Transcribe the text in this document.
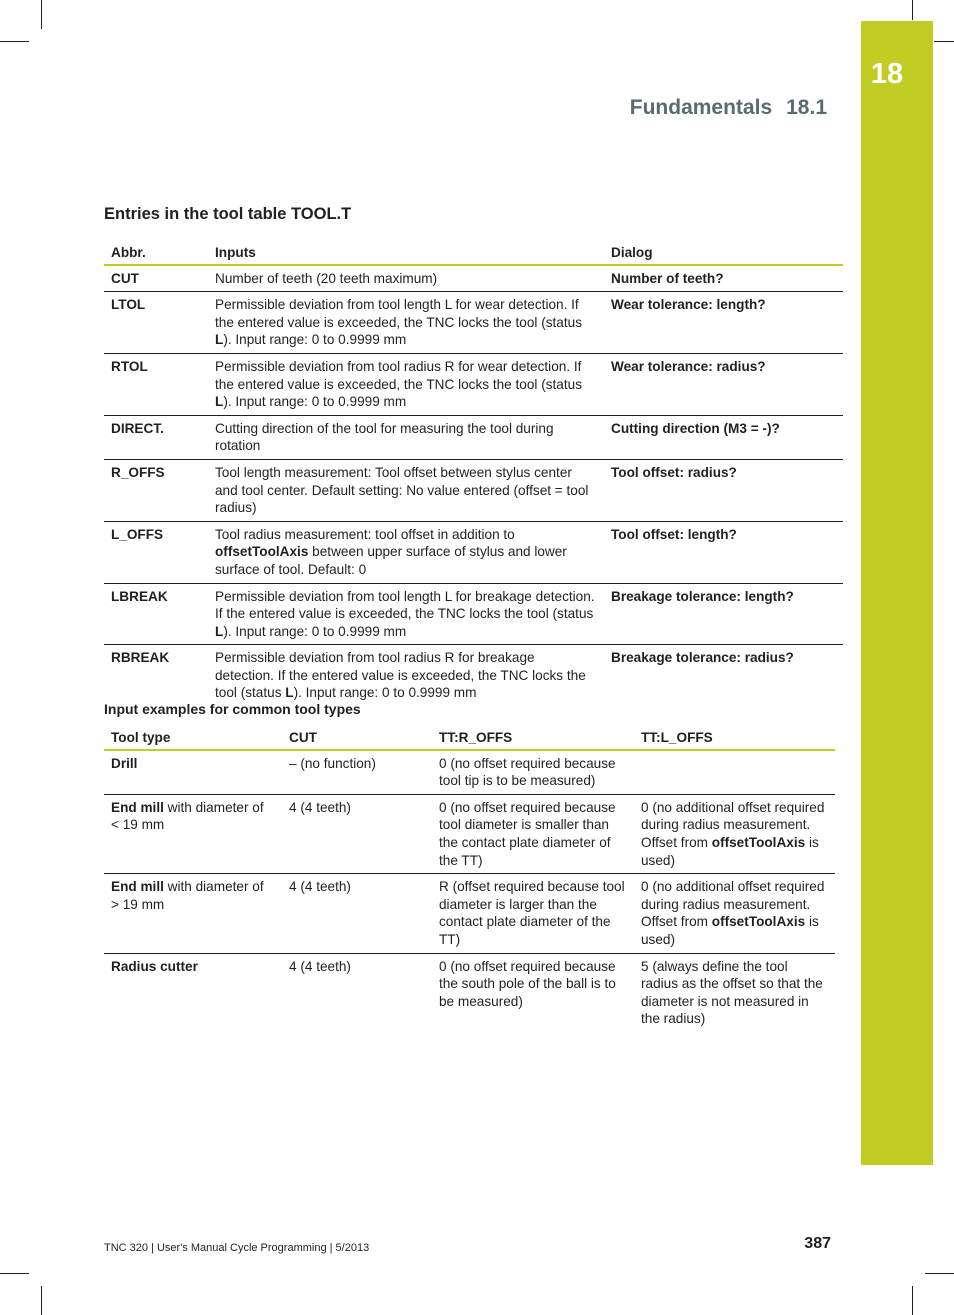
18
Fundamentals 18.1
Entries in the tool table TOOL.T
Abbr.	Inputs	Dialog
CUT	Number of teeth (20 teeth maximum)	Number of teeth?
LTOL	Permissible deviation from tool length L for wear detection. If the entered value is exceeded, the TNC locks the tool (status L). Input range: 0 to 0.9999 mm	Wear tolerance: length?
RTOL	Permissible deviation from tool radius R for wear detection. If the entered value is exceeded, the TNC locks the tool (status L). Input range: 0 to 0.9999 mm	Wear tolerance: radius?
DIRECT.	Cutting direction of the tool for measuring the tool during rotation	Cutting direction (M3 = -)?
R_OFFS	Tool length measurement: Tool offset between stylus center and tool center. Default setting: No value entered (offset = tool radius)	Tool offset: radius?
L_OFFS	Tool radius measurement: tool offset in addition to offsetToolAxis between upper surface of stylus and lower surface of tool. Default: 0	Tool offset: length?
LBREAK	Permissible deviation from tool length L for breakage detection. If the entered value is exceeded, the TNC locks the tool (status L). Input range: 0 to 0.9999 mm	Breakage tolerance: length?
RBREAK	Permissible deviation from tool radius R for breakage detection. If the entered value is exceeded, the TNC locks the tool (status L). Input range: 0 to 0.9999 mm	Breakage tolerance: radius?
Input examples for common tool types
Tool type	CUT	TT:R_OFFS	TT:L_OFFS
Drill	– (no function)	0 (no offset required because tool tip is to be measured)	
End mill with diameter of < 19 mm	4 (4 teeth)	0 (no offset required because tool diameter is smaller than the contact plate diameter of the TT)	0 (no additional offset required during radius measurement. Offset from offsetToolAxis is used)
End mill with diameter of > 19 mm	4 (4 teeth)	R (offset required because tool diameter is larger than the contact plate diameter of the TT)	0 (no additional offset required during radius measurement. Offset from offsetToolAxis is used)
Radius cutter	4 (4 teeth)	0 (no offset required because the south pole of the ball is to be measured)	5 (always define the tool radius as the offset so that the diameter is not measured in the radius)
TNC 320 | User's Manual Cycle Programming | 5/2013	387
